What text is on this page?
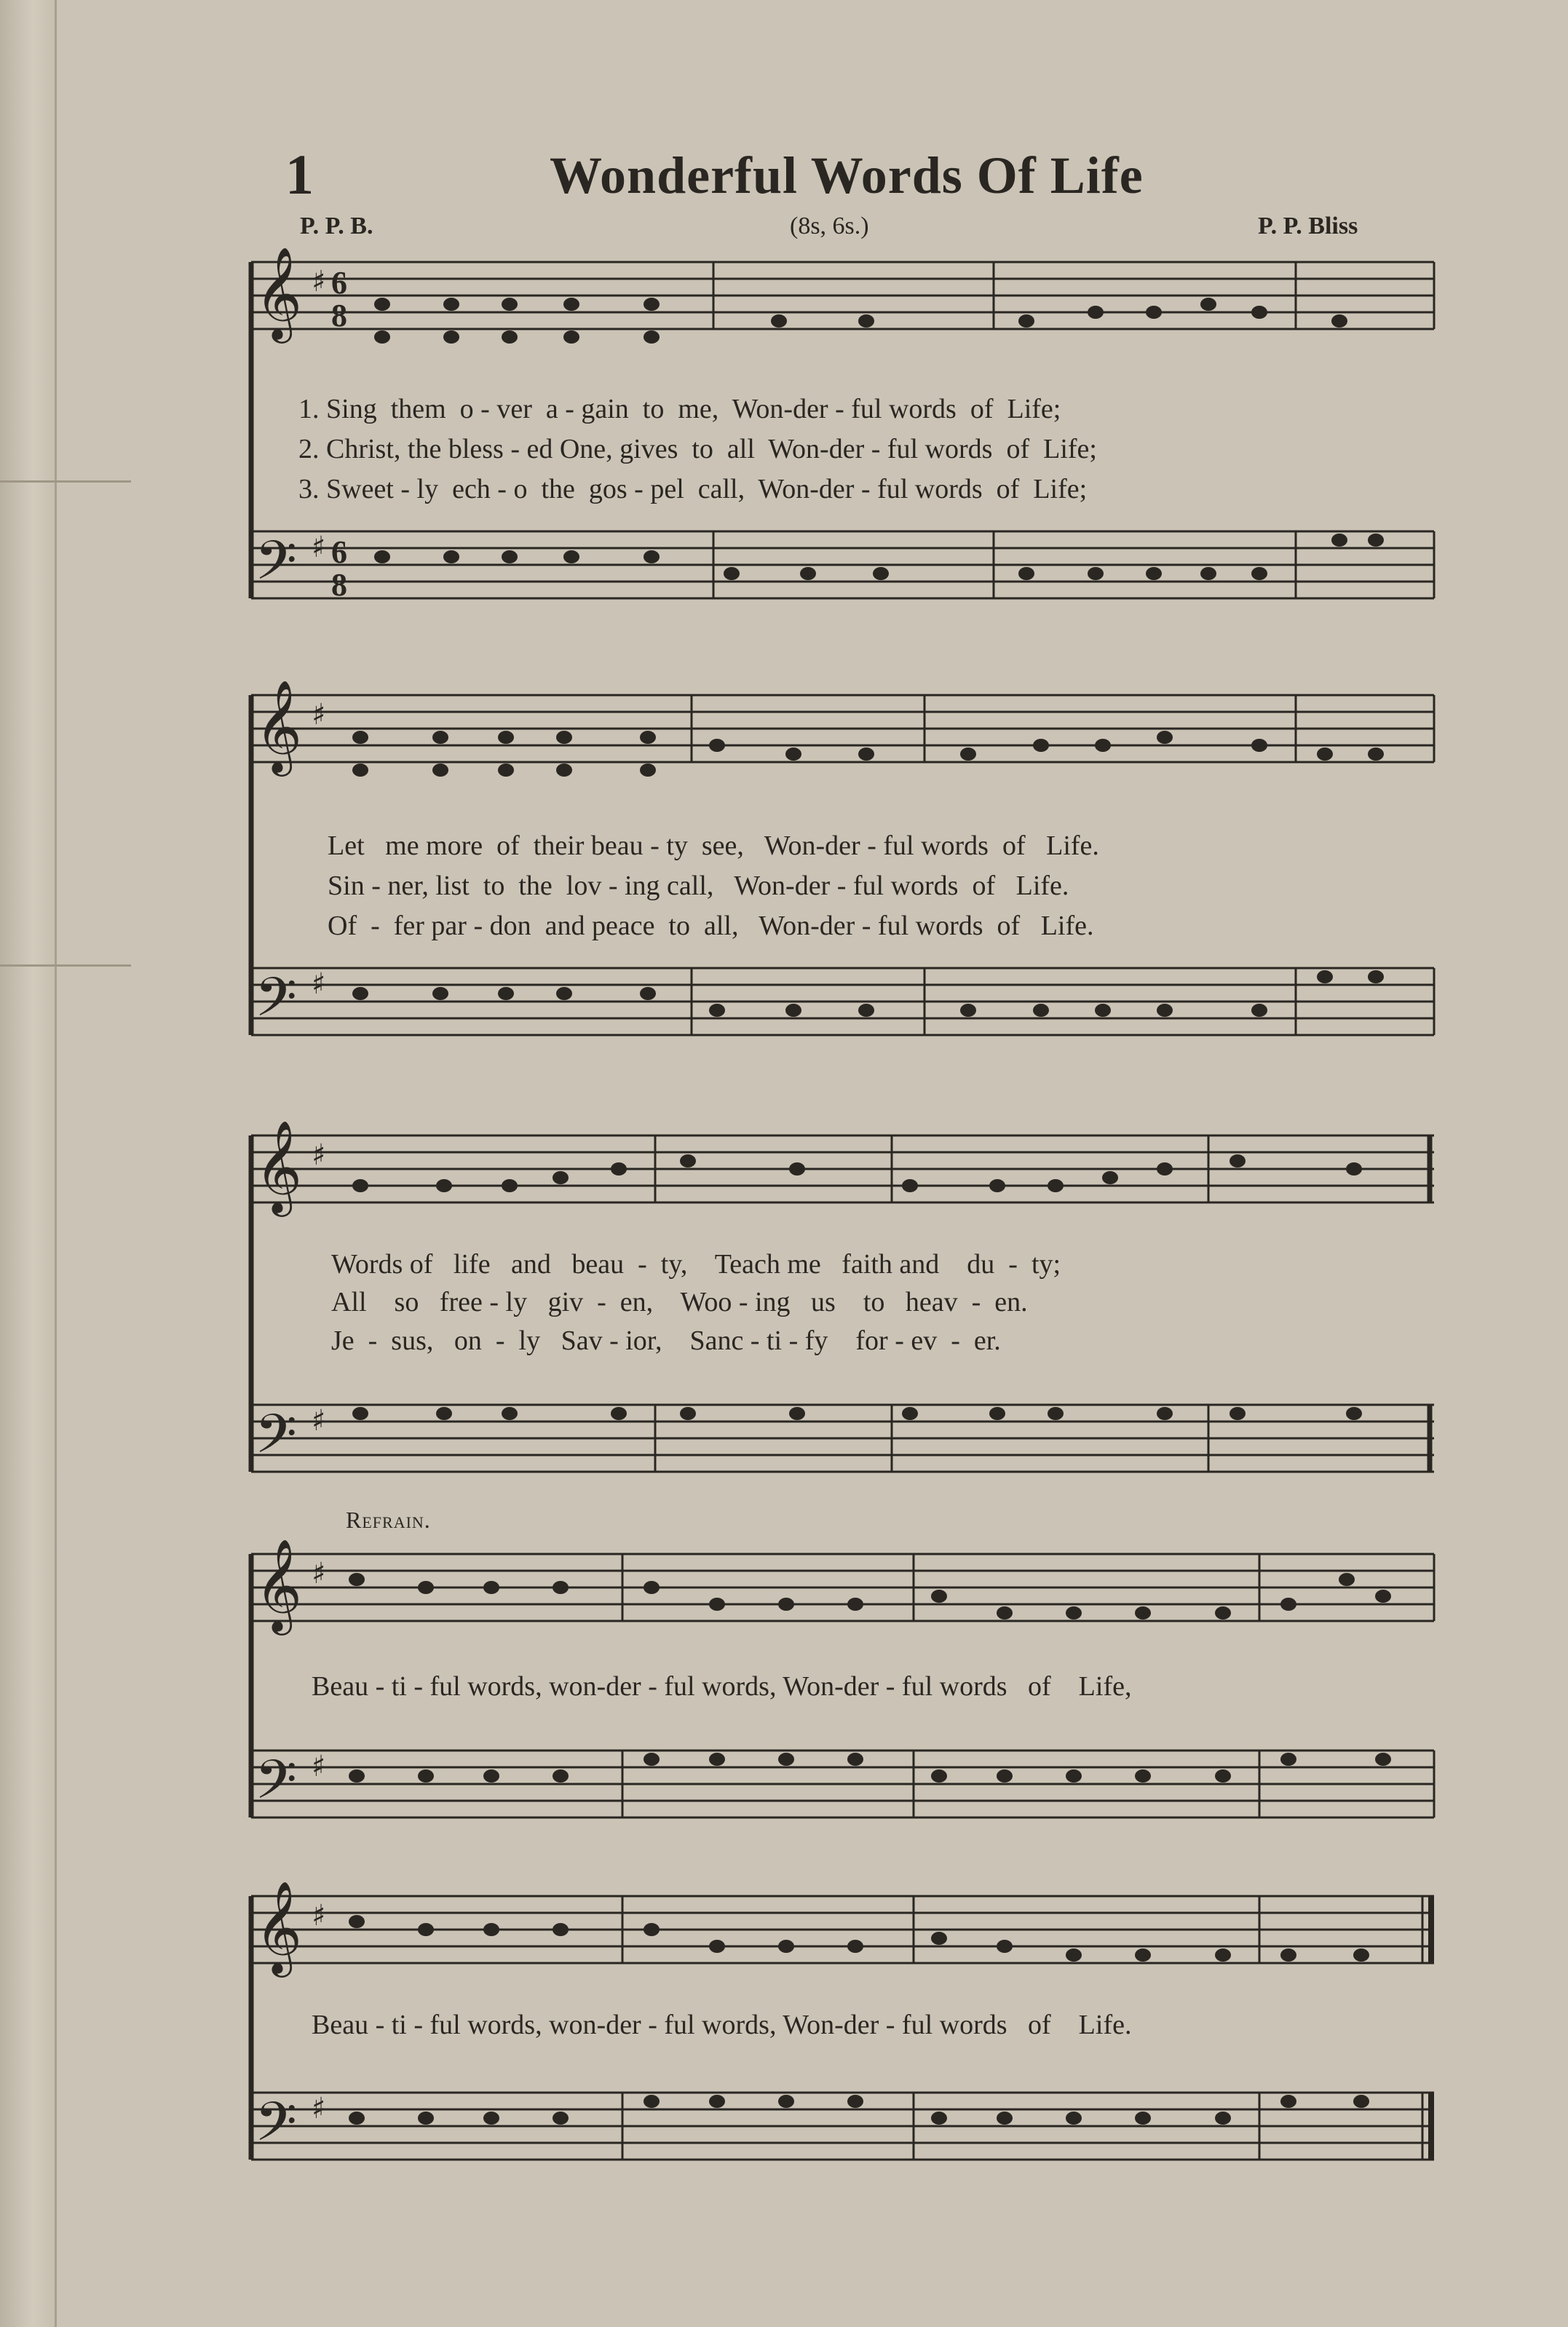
1	Wonderful Words Of Life
P. P. B.	(8s, 6s.)	P. P. Bliss
𝄞
𝄢
♯
♯
6
8
6
8
1. Sing  them  o - ver  a - gain  to  me,  Won-der - ful words  of  Life;
2. Christ, the bless - ed One, gives  to  all  Won-der - ful words  of  Life;
3. Sweet - ly  ech - o  the  gos - pel  call,  Won-der - ful words  of  Life;
𝄞
𝄢
♯
♯
Let   me more  of  their beau - ty  see,   Won-der - ful words  of   Life.
Sin - ner, list  to  the  lov - ing call,   Won-der - ful words  of   Life.
Of  -  fer par - don  and peace  to  all,   Won-der - ful words  of   Life.
𝄞
𝄢
♯
♯
Words of   life   and   beau  -  ty,    Teach me   faith and    du  -  ty;
All    so   free - ly   giv  -  en,    Woo - ing   us    to   heav  -  en.
Je  -  sus,   on  -  ly   Sav - ior,    Sanc - ti - fy    for - ev  -  er.
Refrain.
𝄞
𝄢
♯
♯
Beau - ti - ful words, won-der - ful words, Won-der - ful words   of    Life,
𝄞
𝄢
♯
♯
Beau - ti - ful words, won-der - ful words, Won-der - ful words   of    Life.
